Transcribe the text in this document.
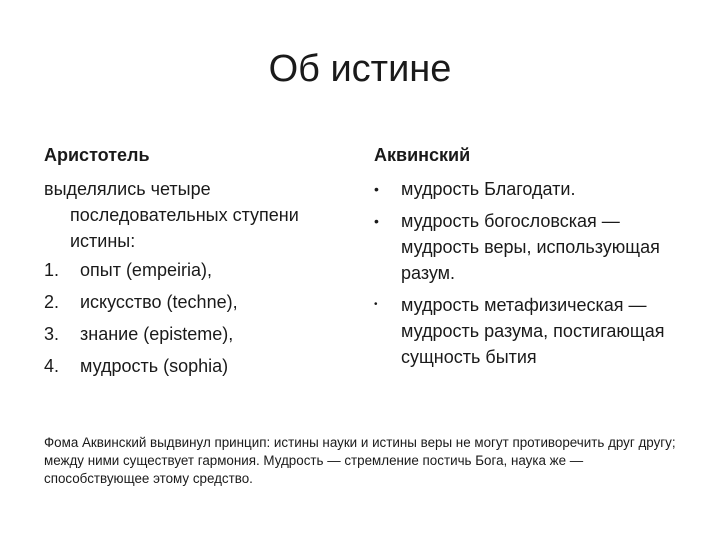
Об истине
Аристотель	Аквинский

выделялись четыре последовательных ступени истины:

1.	опыт (empeiria),
2.	искусство (techne),
3.	знание (episteme),
4.	мудрость (sophia)
•	мудрость Благодати.
•	мудрость богословская — мудрость веры, использующая разум.
•	мудрость метафизическая — мудрость разума, постигающая сущность бытия
Фома Аквинский выдвинул принцип: истины науки и истины веры не могут противоречить друг другу; между ними существует гармония. Мудрость — стремление постичь Бога, наука же — способствующее этому средство.
